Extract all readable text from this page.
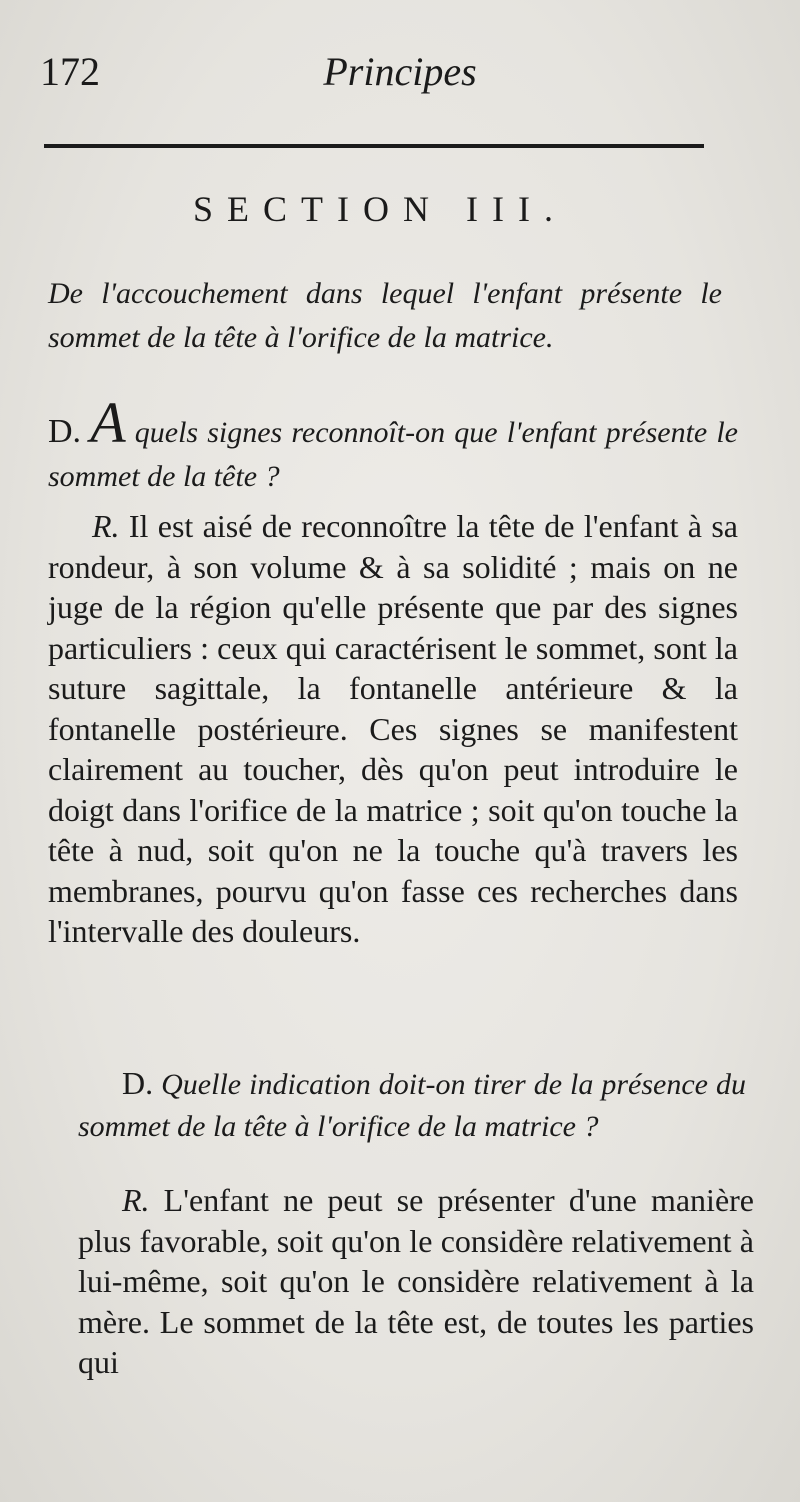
172	Principes
SECTION III.
De l'accouchement dans lequel l'enfant présente le sommet de la tête à l'orifice de la matrice.
D. A quels signes reconnoît-on que l'enfant présente le sommet de la tête ?
R. Il est aisé de reconnoître la tête de l'enfant à sa rondeur, à son volume & à sa solidité ; mais on ne juge de la région qu'elle présente que par des signes particuliers : ceux qui caractérisent le sommet, sont la suture sagittale, la fontanelle antérieure & la fontanelle postérieure. Ces signes se manifestent clairement au toucher, dès qu'on peut introduire le doigt dans l'orifice de la matrice ; soit qu'on touche la tête à nud, soit qu'on ne la touche qu'à travers les membranes, pourvu qu'on fasse ces recherches dans l'intervalle des douleurs.
D. Quelle indication doit-on tirer de la présence du sommet de la tête à l'orifice de la matrice ?
R. L'enfant ne peut se présenter d'une manière plus favorable, soit qu'on le considère relativement à lui-même, soit qu'on le considère relativement à la mère. Le sommet de la tête est, de toutes les parties qui
